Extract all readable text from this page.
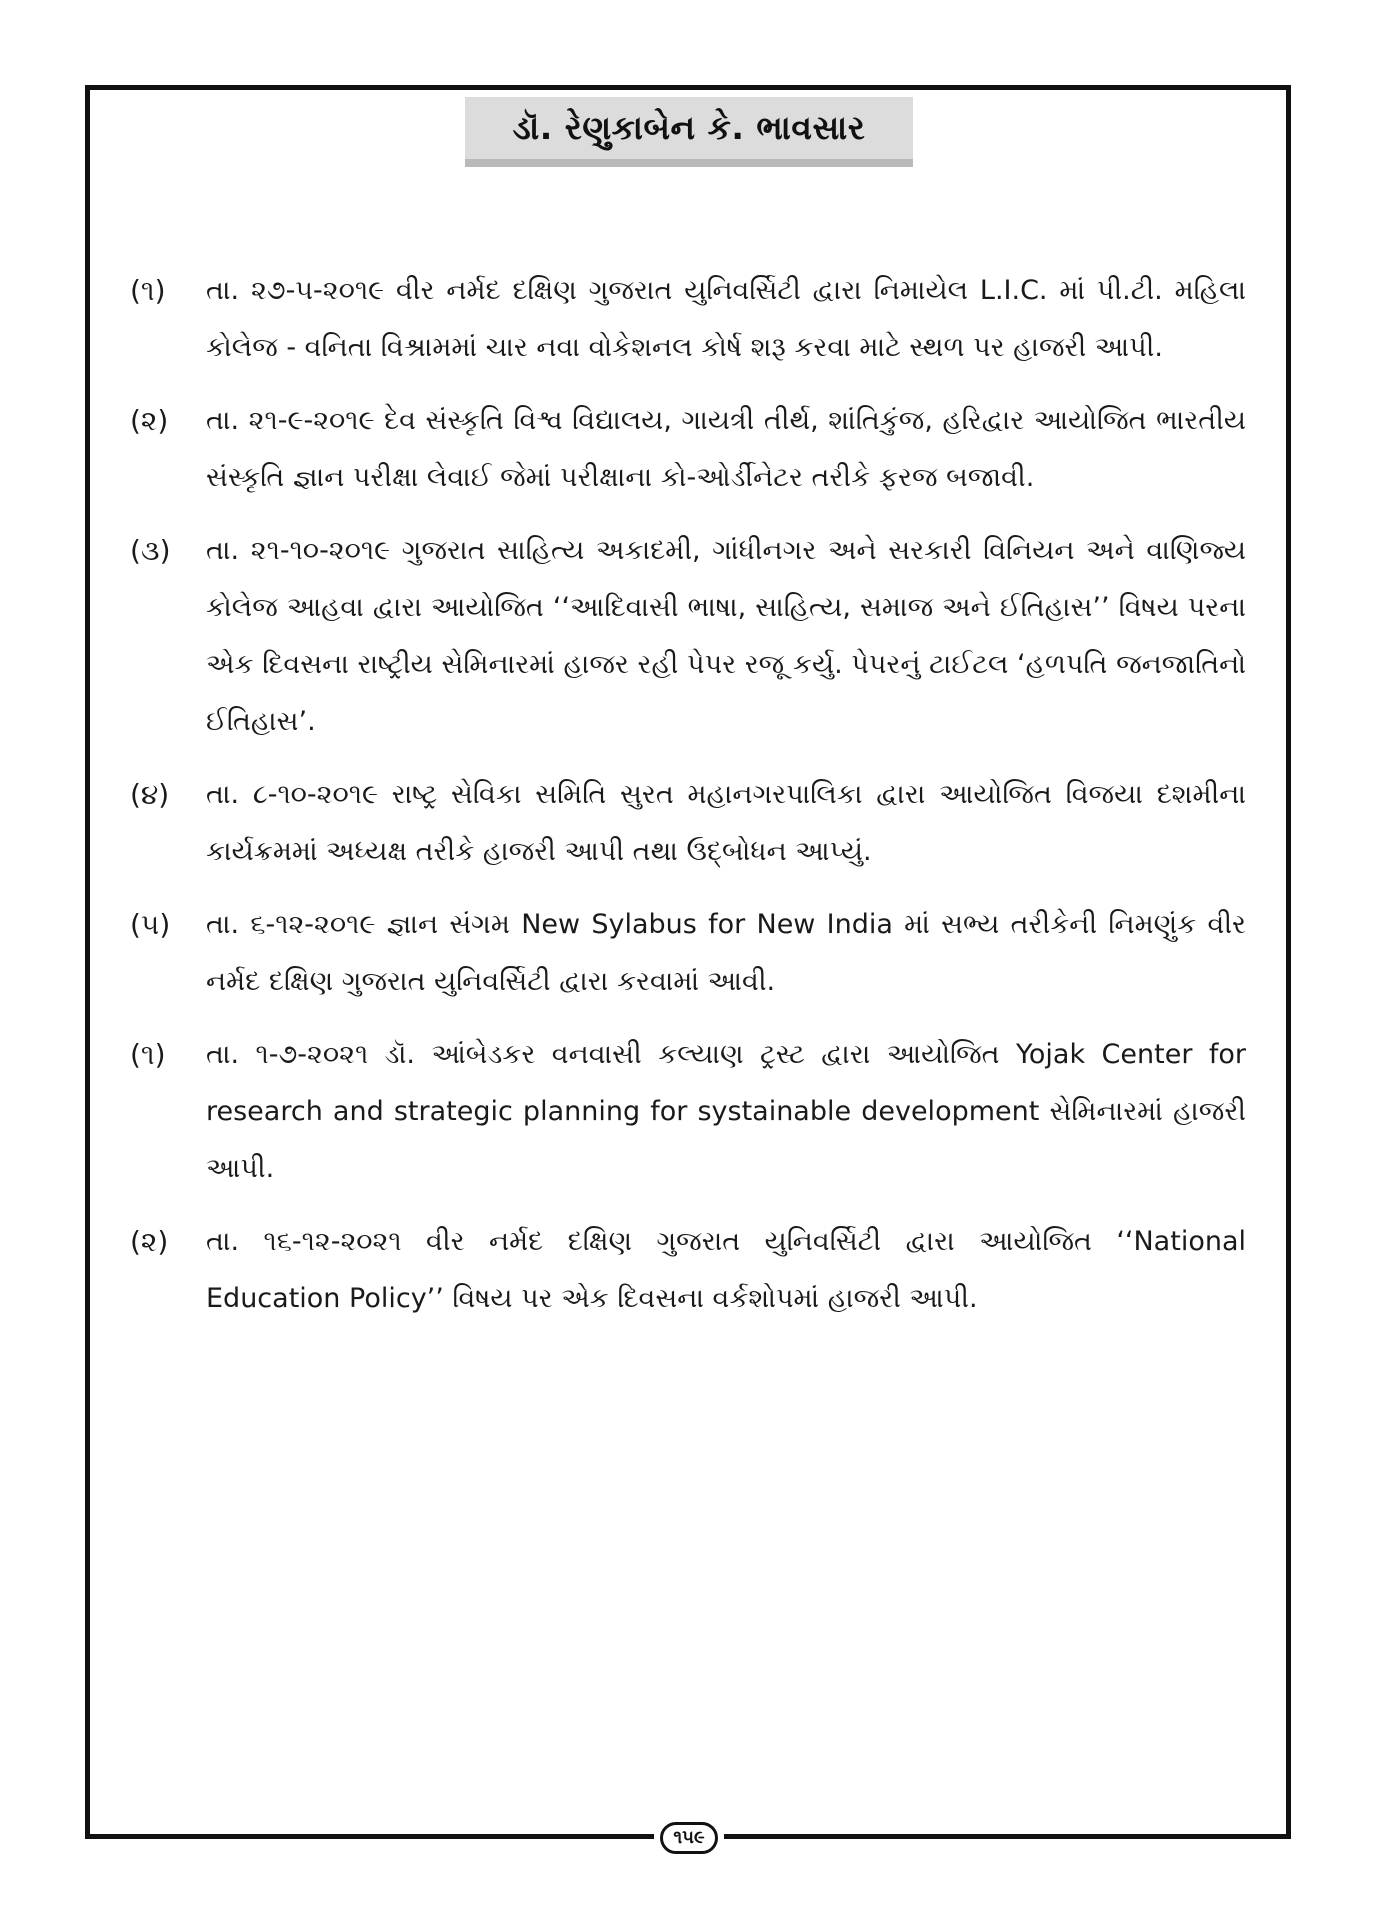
ડૉ. રેણુકાબેન કે. ભાવસાર
(૧)	તા. ૨૭-૫-૨૦૧૯ વીર નર્મદ દક્ષિણ ગુજરાત યુનિવર્સિટી દ્વારા નિમાયેલ L.I.C. માં પી.ટી. મહિલા કોલેજ - વનિતા વિશ્રામમાં ચાર નવા વોકેશનલ કોર્ષ શરૂ કરવા માટે સ્થળ પર હાજરી આપી.
(૨)	તા. ૨૧-૯-૨૦૧૯ દેવ સંસ્કૃતિ વિશ્વ વિદ્યાલય, ગાયત્રી તીર્થ, શાંતિકુંજ, હરિદ્વાર આયોજિત ભારતીય સંસ્કૃતિ જ્ઞાન પરીક્ષા લેવાઈ જેમાં પરીક્ષાના કો-ઓર્ડીનેટર તરીકે ફરજ બજાવી.
(૩)	તા. ૨૧-૧૦-૨૦૧૯ ગુજરાત સાહિત્ય અકાદમી, ગાંધીનગર અને સરકારી વિનિયન અને વાણિજ્ય કોલેજ આહવા દ્વારા આયોજિત ‘‘આદિવાસી ભાષા, સાહિત્ય, સમાજ અને ઈતિહાસ’’ વિષય પરના એક દિવસના રાષ્ટ્રીય સેમિનારમાં હાજર રહી પેપર રજૂ કર્યુ. પેપરનું ટાઈટલ ‘હળપતિ જનજાતિનો ઈતિહાસ’.
(૪)	તા. ૮-૧૦-૨૦૧૯ રાષ્ટ્ર સેવિકા સમિતિ સુરત મહાનગરપાલિકા દ્વારા આયોજિત વિજયા દશમીના કાર્યક્રમમાં અધ્યક્ષ તરીકે હાજરી આપી તથા ઉદ્બોધન આપ્યું.
(૫)	તા. ૬-૧૨-૨૦૧૯ જ્ઞાન સંગમ New Sylabus for New India માં સભ્ય તરીકેની નિમણુંક વીર નર્મદ દક્ષિણ ગુજરાત યુનિવર્સિટી દ્વારા કરવામાં આવી.
(૧)	તા. ૧-૭-૨૦૨૧ ડૉ. આંબેડકર વનવાસી કલ્યાણ ટ્રસ્ટ દ્વારા આયોજિત Yojak Center for research and strategic planning for systainable development સેમિનારમાં હાજરી આપી.
(૨)	તા. ૧૬-૧૨-૨૦૨૧ વીર નર્મદ દક્ષિણ ગુજરાત યુનિવર્સિટી દ્વારા આયોજિત ‘‘National Education Policy’’ વિષય પર એક દિવસના વર્કશોપમાં હાજરી આપી.
૧૫૯
